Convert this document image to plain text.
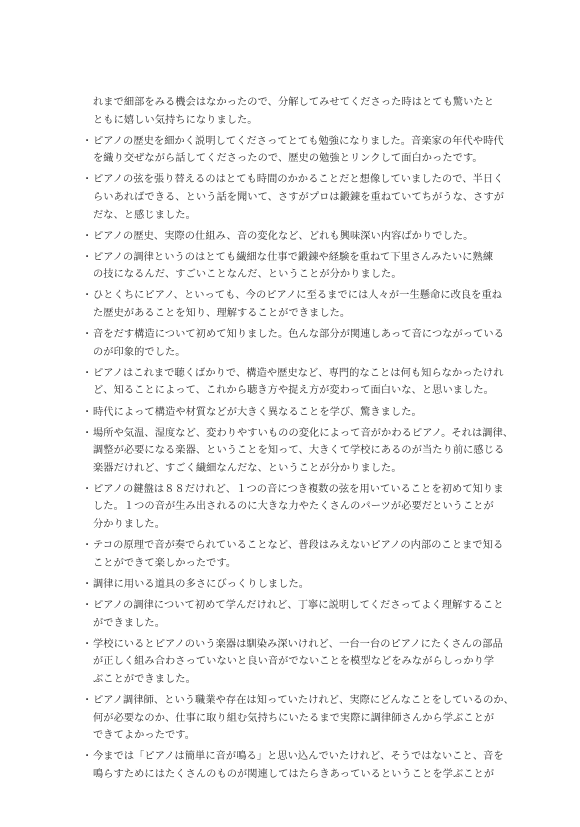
れまで細部をみる機会はなかったので、分解してみせてくださった時はとても驚いたと
ともに嬉しい気持ちになりました。
・ ピアノの歴史を細かく説明してくださってとても勉強になりました。音楽家の年代や時代
を織り交ぜながら話してくださったので、歴史の勉強とリンクして面白かったです。
・ ピアノの弦を張り替えるのはとても時間のかかることだと想像していましたので、半日く
らいあればできる、という話を聞いて、さすがプロは鍛錬を重ねていてちがうな、さすが
だな、と感じました。
・ ピアノの歴史、実際の仕組み、音の変化など、どれも興味深い内容ばかりでした。
・ ピアノの調律というのはとても繊細な仕事で鍛錬や経験を重ねて下里さんみたいに熟練
の技になるんだ、すごいことなんだ、ということが分かりました。
・ ひとくちにピアノ、といっても、今のピアノに至るまでには人々が一生懸命に改良を重ね
た歴史があることを知り、理解することができました。
・ 音をだす構造について初めて知りました。色んな部分が関連しあって音につながっている
のが印象的でした。
・ ピアノはこれまで聴くばかりで、構造や歴史など、専門的なことは何も知らなかったけれ
ど、知ることによって、これから聴き方や捉え方が変わって面白いな、と思いました。
・ 時代によって構造や材質などが大きく異なることを学び、驚きました。
・ 場所や気温、湿度など、変わりやすいものの変化によって音がかわるピアノ。それは調律、
調整が必要になる楽器、ということを知って、大きくて学校にあるのが当たり前に感じる
楽器だけれど、すごく繊細なんだな、ということが分かりました。
・ ピアノの鍵盤は８８だけれど、１つの音につき複数の弦を用いていることを初めて知りま
した。１つの音が生み出されるのに大きな力やたくさんのパーツが必要だということが
分かりました。
・ テコの原理で音が奏でられていることなど、普段はみえないピアノの内部のことまで知る
ことができて楽しかったです。
・ 調律に用いる道具の多さにびっくりしました。
・ ピアノの調律について初めて学んだけれど、丁寧に説明してくださってよく理解すること
ができました。
・ 学校にいるとピアノのいう楽器は馴染み深いけれど、一台一台のピアノにたくさんの部品
が正しく組み合わさっていないと良い音がでないことを模型などをみながらしっかり学
ぶことができました。
・ ピアノ調律師、という職業や存在は知っていたけれど、実際にどんなことをしているのか、
何が必要なのか、仕事に取り組む気持ちにいたるまで実際に調律師さんから学ぶことが
できてよかったです。
・ 今までは「ピアノは簡単に音が鳴る」と思い込んでいたけれど、そうではないこと、音を
鳴らすためにはたくさんのものが関連してはたらきあっているということを学ぶことが
